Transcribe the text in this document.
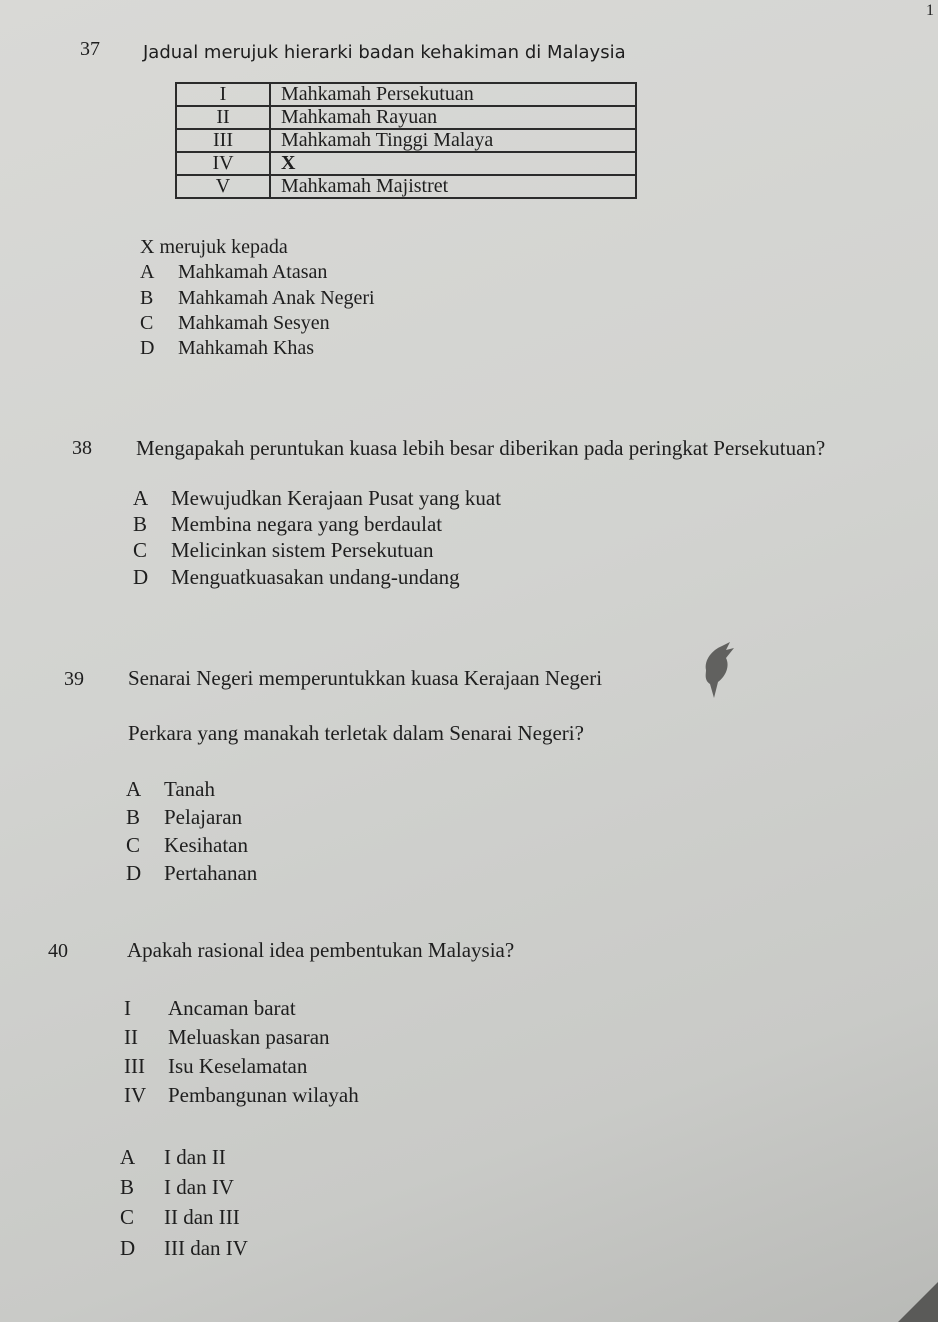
1
37 Jadual merujuk hierarki badan kehakiman di Malaysia
I	Mahkamah Persekutuan
II	Mahkamah Rayuan
III	Mahkamah Tinggi Malaya
IV	X
V	Mahkamah Majistret
X merujuk kepada
A Mahkamah Atasan
B Mahkamah Anak Negeri
C Mahkamah Sesyen
D Mahkamah Khas
38 Mengapakah peruntukan kuasa lebih besar diberikan pada peringkat Persekutuan?
A Mewujudkan Kerajaan Pusat yang kuat
B Membina negara yang berdaulat
C Melicinkan sistem Persekutuan
D Menguatkuasakan undang-undang
39 Senarai Negeri memperuntukkan kuasa Kerajaan Negeri
Perkara yang manakah terletak dalam Senarai Negeri?
A Tanah
B Pelajaran
C Kesihatan
D Pertahanan
40	Apakah rasional idea pembentukan Malaysia?
I Ancaman barat
II Meluaskan pasaran
III Isu Keselamatan
IV Pembangunan wilayah
A I dan II
B I dan IV
C II dan III
D III dan IV
